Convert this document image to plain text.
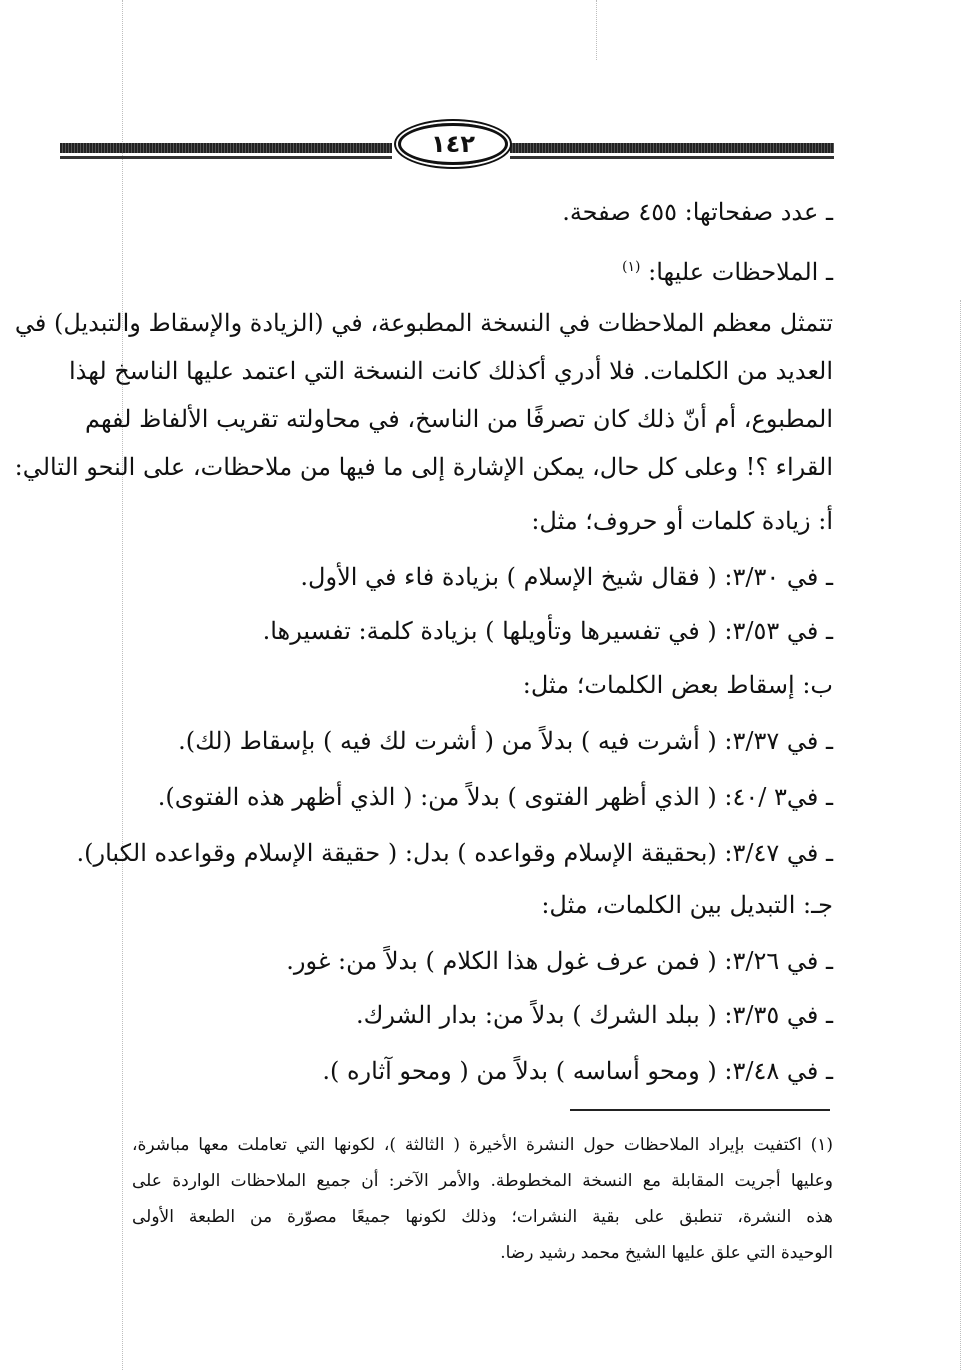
١٤٢
ـ عدد صفحاتها: ٤٥٥ صفحة.
ـ الملاحظات عليها: $^{(١)}$
تتمثل معظم الملاحظات في النسخة المطبوعة، في (الزيادة والإسقاط والتبديل) في
العديد من الكلمات. فلا أدري أكذلك كانت النسخة التي اعتمد عليها الناسخ لهذا
المطبوع، أم أنّ ذلك كان تصرفًا من الناسخ، في محاولته تقريب الألفاظ لفهم
القراء ؟! وعلى كل حال، يمكن الإشارة إلى ما فيها من ملاحظات، على النحو التالي:
أ: زيادة كلمات أو حروف؛ مثل:
ـ في ٣/٣٠: ( فقال شيخ الإسلام ) بزيادة فاء في الأول.
ـ في ٣/٥٣: ( في تفسيرها وتأويلها ) بزيادة كلمة: تفسيرها.
ب: إسقاط بعض الكلمات؛ مثل:
ـ في ٣/٣٧: ( أشرت فيه ) بدلاً من ( أشرت لك فيه ) بإسقاط (لك).
ـ في٣ /٤٠: ( الذي أظهر الفتوى ) بدلاً من: ( الذي أظهر هذه الفتوى).
ـ في ٣/٤٧: (بحقيقة الإسلام وقواعده ) بدل: ( حقيقة الإسلام وقواعده الكبار).
جـ: التبديل بين الكلمات، مثل:
ـ في ٣/٢٦: ( فمن عرف غول هذا الكلام ) بدلاً من: غور.
ـ في ٣/٣٥: ( ببلد الشرك ) بدلاً من: بدار الشرك.
ـ في ٣/٤٨: ( ومحو أساسه ) بدلاً من ( ومحو آثاره ).
(١) اكتفيت بإيراد الملاحظات حول النشرة الأخيرة ( الثالثة )، لكونها التي تعاملت معها مباشرة،
وعليها أجريت المقابلة مع النسخة المخطوطة. والأمر الآخر: أن جميع الملاحظات الواردة على
هذه النشرة، تنطبق على بقية النشرات؛ وذلك لكونها جميعًا مصوّرة من الطبعة الأولى
الوحيدة التي علق عليها الشيخ محمد رشيد رضا.
